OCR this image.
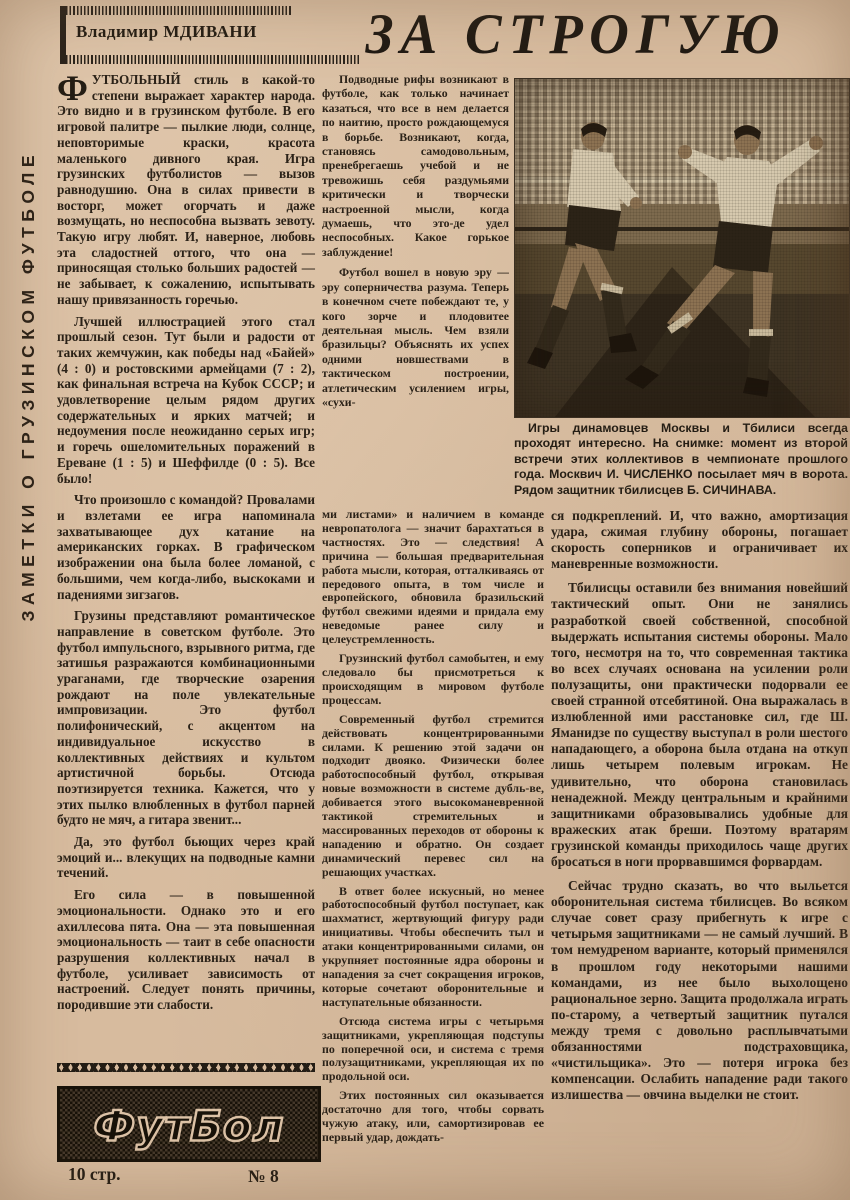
ЗАМЕТКИ О ГРУЗИНСКОМ ФУТБОЛЕ
Владимир МДИВАНИ	ЗА СТРОГУЮ

ФУТБОЛЬНЫЙ стиль в какой-то степени выражает характер народа. Это видно и в грузинском футболе. В его игровой палитре — пылкие люди, солнце, неповторимые краски, красота маленького дивного края. Игра грузинских футболистов — вызов равнодушию. Она в силах привести в восторг, может огорчать и даже возмущать, но неспособна вызвать зевоту. Такую игру любят. И, наверное, любовь эта сладостней оттого, что она — приносящая столько больших радостей — не забывает, к сожалению, испытывать нашу привязанность горечью.

Лучшей иллюстрацией этого стал прошлый сезон. Тут были и радости от таких жемчужин, как победы над «Байей» (4 : 0) и ростовскими армейцами (7 : 2), как финальная встреча на Кубок СССР; и удовлетворение целым рядом других содержательных и ярких матчей; и недоумения после неожиданно серых игр; и горечь ошеломительных поражений в Ереване (1 : 5) и Шеффилде (0 : 5). Все было!

Что произошло с командой? Провалами и взлетами ее игра напоминала захватывающее дух катание на американских горках. В графическом изображении она была более ломаной, с большими, чем когда-либо, выскоками и падениями зигзагов.

Грузины представляют романтическое направление в советском футболе. Это футбол импульсного, взрывного ритма, где затишья разражаются комбинационными ураганами, где творческие озарения рождают на поле увлекательные импровизации. Это футбол полифонический, с акцентом на индивидуальное искусство в коллективных действиях и культом артистичной борьбы. Отсюда поэтизируется техника. Кажется, что у этих пылко влюбленных в футбол парней будто не мяч, а гитара звенит...

Да, это футбол бьющих через край эмоций и... влекущих на подводные камни течений.

Его сила — в повышенной эмоциональности. Однако это и его ахиллесова пята. Она — эта повышенная эмоциональность — таит в себе опасности разрушения коллективных начал в футболе, усиливает зависимость от настроений. Следует понять причины, породившие эти слабости.

Подводные рифы возникают в футболе, как только начинает казаться, что все в нем делается по наитию, просто рождающемуся в борьбе. Возникают, когда, становясь самодовольным, пренебрегаешь учебой и не тревожишь себя раздумьями критически и творчески настроенной мысли, когда думаешь, что это-де удел неспособных. Какое горькое заблуждение!

Футбол вошел в новую эру — эру соперничества разума. Теперь в конечном счете побеждают те, у кого зорче и плодовитее деятельная мысль. Чем взяли бразильцы? Объяснять их успех одними новшествами в тактическом построении, атлетическим усилением игры, «сухи-

ми листами» и наличием в команде невропатолога — значит барахтаться в частностях. Это — следствия! А причина — большая предварительная работа мысли, которая, отталкиваясь от передового опыта, в том числе и европейского, обновила бразильский футбол свежими идеями и придала ему неведомые ранее силу и целеустремленность.

Грузинский футбол самобытен, и ему следовало бы присмотреться к происходящим в мировом футболе процессам.

Современный футбол стремится действовать концентрированными силами. К решению этой задачи он подходит двояко. Физически более работоспособный футбол, открывая новые возможности в системе дубль-ве, добивается этого высокоманевренной тактикой стремительных и массированных переходов от обороны к нападению и обратно. Он создает динамический перевес сил на решающих участках.

В ответ более искусный, но менее работоспособный футбол поступает, как шахматист, жертвующий фигуру ради инициативы. Чтобы обеспечить тыл и атаки концентрированными силами, он укрупняет постоянные ядра обороны и нападения за счет сокращения игроков, которые сочетают оборонительные и наступательные обязанности.

Отсюда система игры с четырьмя защитниками, укрепляющая подступы по поперечной оси, и система с тремя полузащитниками, укрепляющая их по продольной оси.

Этих постоянных сил оказывается достаточно для того, чтобы сорвать чужую атаку, или, самортизировав ее первый удар, дождать-

ся подкреплений. И, что важно, амортизация удара, сжимая глубину обороны, погашает скорость соперников и ограничивает их маневренные возможности.

Тбилисцы оставили без внимания новейший тактический опыт. Они не занялись разработкой своей собственной, способной выдержать испытания системы обороны. Мало того, несмотря на то, что современная тактика во всех случаях основана на усилении роли полузащиты, они практически подорвали ее своей странной отсебятиной. Она выражалась в излюбленной ими расстановке сил, где Ш. Яманидзе по существу выступал в роли шестого нападающего, а оборона была отдана на откуп лишь четырем полевым игрокам. Не удивительно, что оборона становилась ненадежной. Между центральным и крайними защитниками образовывались удобные для вражеских атак бреши. Поэтому вратарям грузинской команды приходилось чаще других бросаться в ноги прорвавшимся форвардам.

Сейчас трудно сказать, во что выльется оборонительная система тбилисцев. Во всяком случае совет сразу прибегнуть к игре с четырьмя защитниками — не самый лучший. В том немудреном варианте, который применялся в прошлом году некоторыми нашими командами, из нее было выхолощено рациональное зерно. Защита продолжала играть по-старому, а четвертый защитник путался между тремя с довольно расплывчатыми обязанностями подстраховщика, «чистильщика». Это — потеря игрока без компенсации. Ослабить нападение ради такого излишества — овчина выделки не стоит.

Игры динамовцев Москвы и Тбилиси всегда проходят интересно. На снимке: момент из второй встречи этих коллективов в чемпионате прошлого года. Москвич И. ЧИСЛЕНКО посылает мяч в ворота. Рядом защитник тбилисцев Б. СИЧИНАВА.

ФутБол
10 стр.	№ 8
